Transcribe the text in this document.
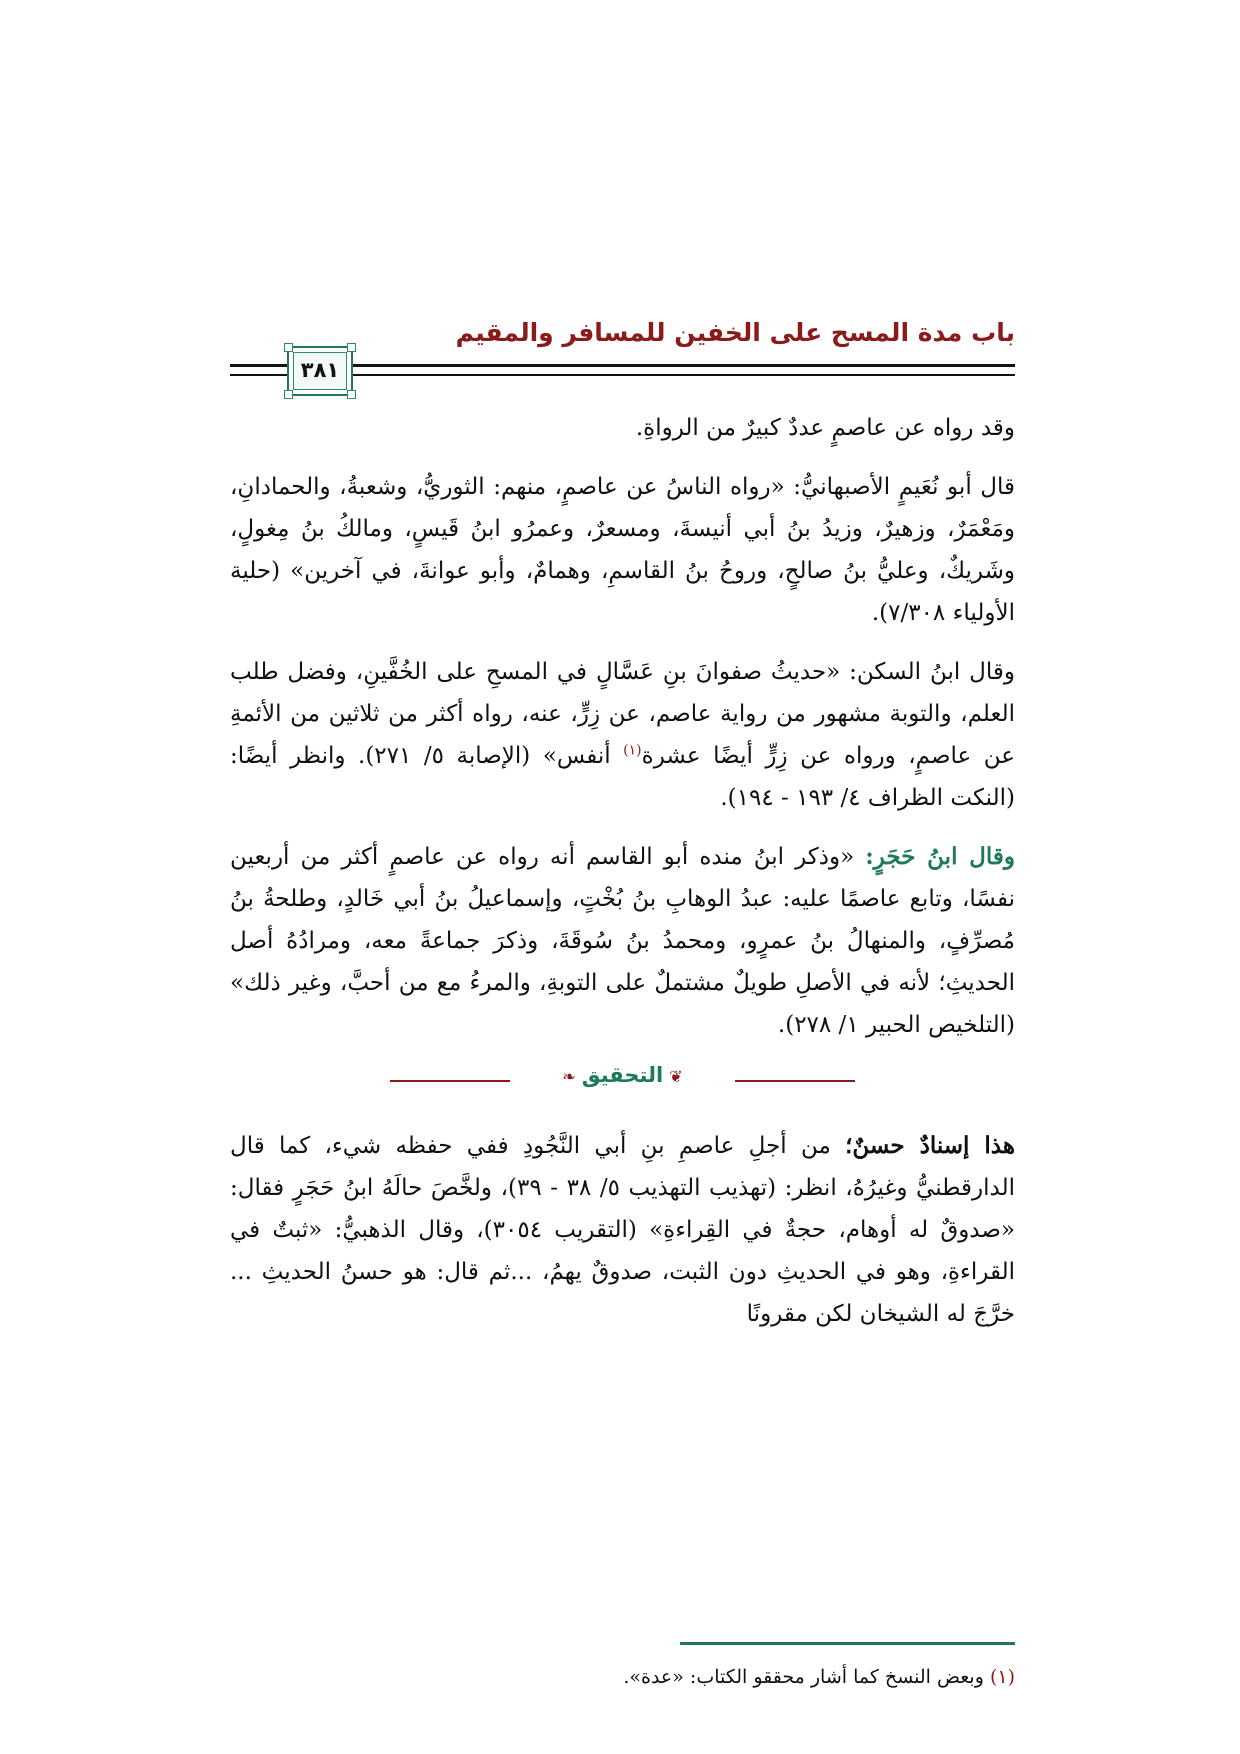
باب مدة المسح على الخفين للمسافر والمقيم
٣٨١

وقد رواه عن عاصمٍ عددٌ كبيرٌ من الرواةِ.

قال أبو نُعَيمٍ الأصبهانيُّ: «رواه الناسُ عن عاصمٍ، منهم: الثوريُّ، وشعبةُ، والحمادانِ، ومَعْمَرٌ، وزهيرٌ، وزيدُ بنُ أبي أنيسةَ، ومسعرٌ، وعمرُو ابنُ قَيسٍ، ومالكُ بنُ مِغولٍ، وشَريكٌ، وعليُّ بنُ صالحٍ، وروحُ بنُ القاسمِ، وهمامٌ، وأبو عوانةَ، في آخرين» (حلية الأولياء ٧/٣٠٨).

وقال ابنُ السكن: «حديثُ صفوانَ بنِ عَسَّالٍ في المسحِ على الخُفَّينِ، وفضل طلب العلم، والتوبة مشهور من رواية عاصم، عن زِرٍّ، عنه، رواه أكثر من ثلاثين من الأئمةِ عن عاصمٍ، ورواه عن زِرٍّ أيضًا عشرة$^{(١)}$ أنفس» (الإصابة ٥/ ٢٧١). وانظر أيضًا: (النكت الظراف ٤/ ١٩٣ - ١٩٤).

وقال ابنُ حَجَرٍ: «وذكر ابنُ منده أبو القاسم أنه رواه عن عاصمٍ أكثر من أربعين نفسًا، وتابع عاصمًا عليه: عبدُ الوهابِ بنُ بُخْتٍ، وإسماعيلُ بنُ أبي خَالدٍ، وطلحةُ بنُ مُصرِّفٍ، والمنهالُ بنُ عمرٍو، ومحمدُ بنُ سُوقَةَ، وذكرَ جماعةً معه، ومرادُهُ أصل الحديثِ؛ لأنه في الأصلِ طويلٌ مشتملٌ على التوبةِ، والمرءُ مع من أحبَّ، وغير ذلك» (التلخيص الحبير ١/ ٢٧٨).

❦التحقيق❧

هذا إسنادٌ حسنٌ؛ من أجلِ عاصمِ بنِ أبي النَّجُودِ ففي حفظه شيء، كما قال الدارقطنيُّ وغيرُهُ، انظر: (تهذيب التهذيب ٥/ ٣٨ - ٣٩)، ولخَّصَ حالَهُ ابنُ حَجَرٍ فقال: «صدوقٌ له أوهام، حجةٌ في القِراءةِ» (التقريب ٣٠٥٤)، وقال الذهبيُّ: «ثبتٌ في القراءةِ، وهو في الحديثِ دون الثبت، صدوقٌ يهمُ، ...ثم قال: هو حسنُ الحديثِ ... خرَّجَ له الشيخان لكن مقرونًا

(١) وبعض النسخ كما أشار محققو الكتاب: «عدة».
